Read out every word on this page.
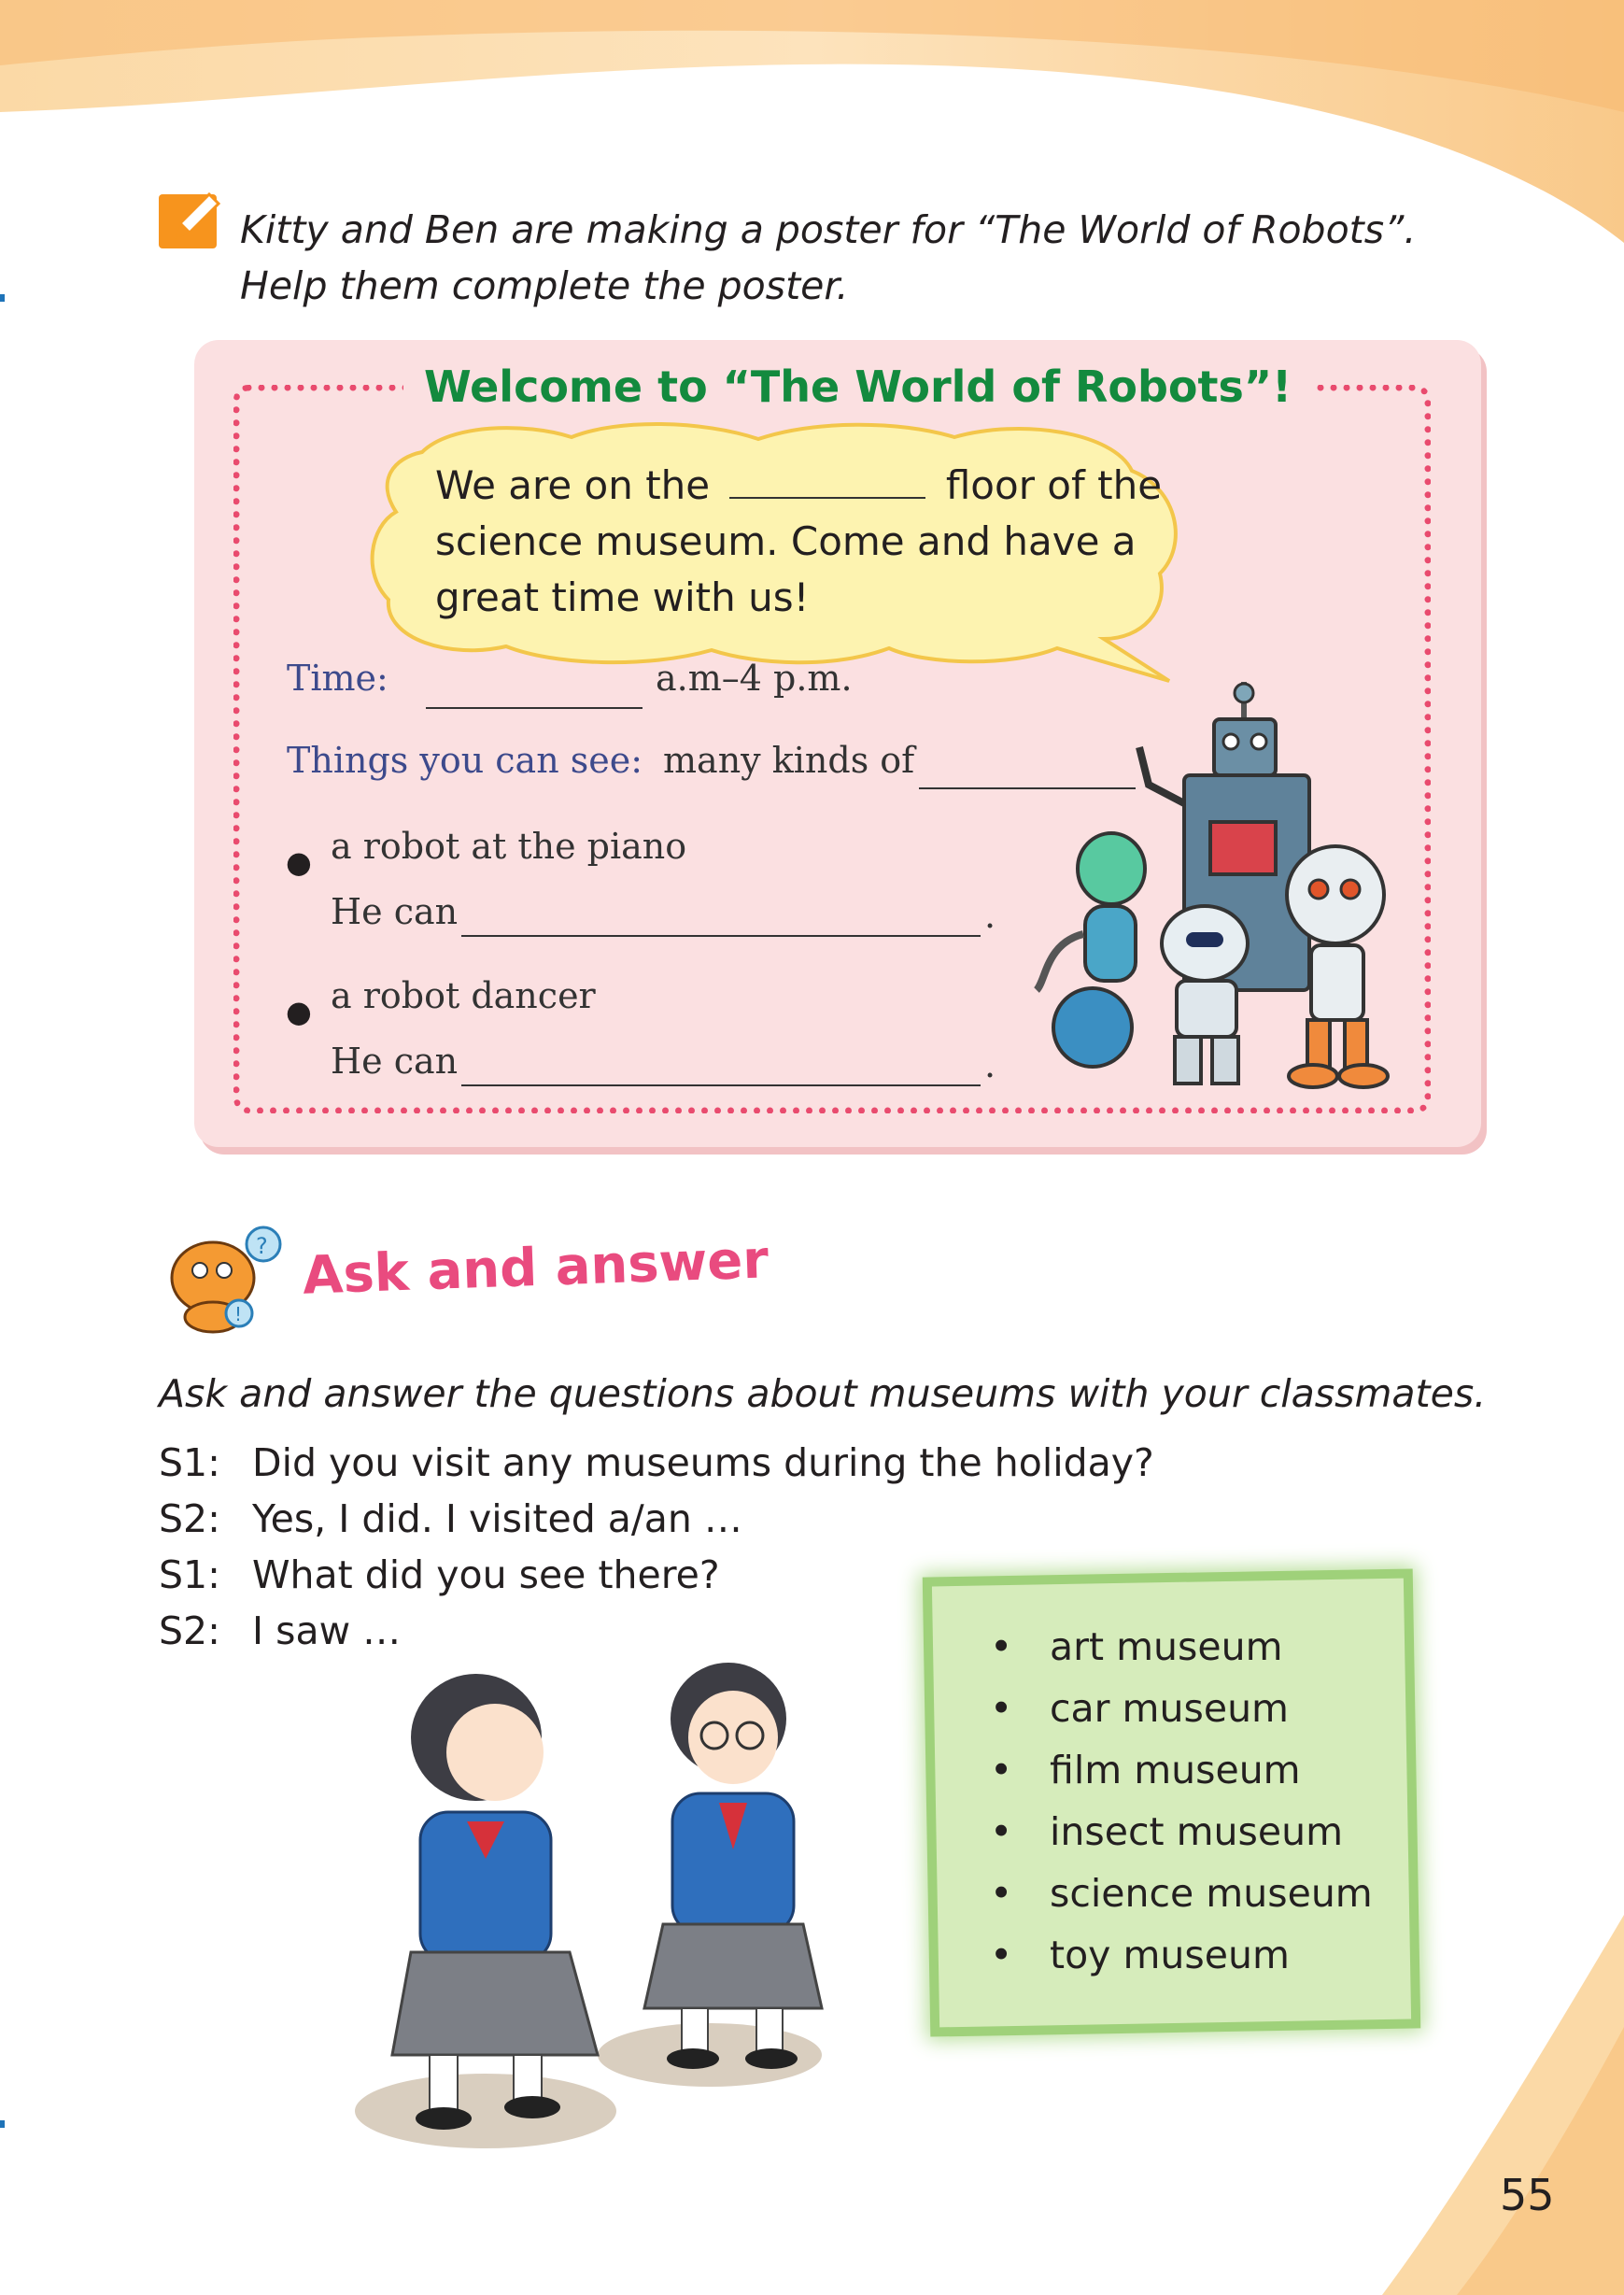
Kitty and Ben are making a poster for “The World of Robots”.
Help them complete the poster.
Welcome to “The World of Robots”!
We are on the	floor of the
science museum. Come and have a
great time with us!
Time:	a.m–4 p.m.
Things you can see: many kinds of
● a robot at the piano
He can	.
● a robot dancer
He can	.
?
!
Ask and answer
Ask and answer the questions about museums with your classmates.
S1: Did you visit any museums during the holiday?
S2: Yes, I did. I visited a/an …
S1: What did you see there?
S2: I saw …	• art museum
• car museum
• film museum
• insect museum
• science museum
• toy museum
55
